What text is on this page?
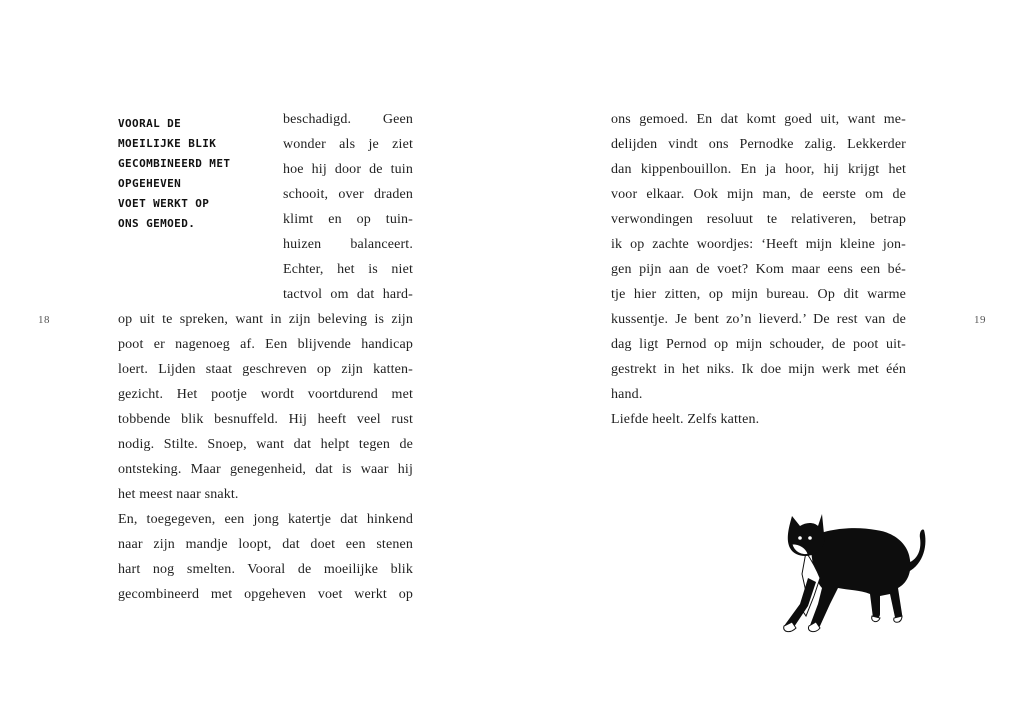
18	19
VOORAL DE
MOEILIJKE BLIK
GECOMBINEERD MET
OPGEHEVEN
VOET WERKT OP
ONS GEMOED.
beschadigd. Geen
wonder als je ziet
hoe hij door de tuin
schooit, over draden
klimt en op tuin-
huizen balanceert.
Echter, het is niet
tactvol om dat hard-
op uit te spreken, want in zijn beleving is zijn
poot er nagenoeg af. Een blijvende handicap
loert. Lijden staat geschreven op zijn katten-
gezicht. Het pootje wordt voortdurend met
tobbende blik besnuffeld. Hij heeft veel rust
nodig. Stilte. Snoep, want dat helpt tegen de
ontsteking. Maar genegenheid, dat is waar hij
het meest naar snakt.
En, toegegeven, een jong katertje dat hinkend
naar zijn mandje loopt, dat doet een stenen
hart nog smelten. Vooral de moeilijke blik
gecombineerd met opgeheven voet werkt op
ons gemoed. En dat komt goed uit, want me-
delijden vindt ons Pernodke zalig. Lekkerder
dan kippenbouillon. En ja hoor, hij krijgt het
voor elkaar. Ook mijn man, de eerste om de
verwondingen resoluut te relativeren, betrap
ik op zachte woordjes: ‘Heeft mijn kleine jon-
gen pijn aan de voet? Kom maar eens een bé-
tje hier zitten, op mijn bureau. Op dit warme
kussentje. Je bent zo’n lieverd.’ De rest van de
dag ligt Pernod op mijn schouder, de poot uit-
gestrekt in het niks. Ik doe mijn werk met één
hand.
Liefde heelt. Zelfs katten.
